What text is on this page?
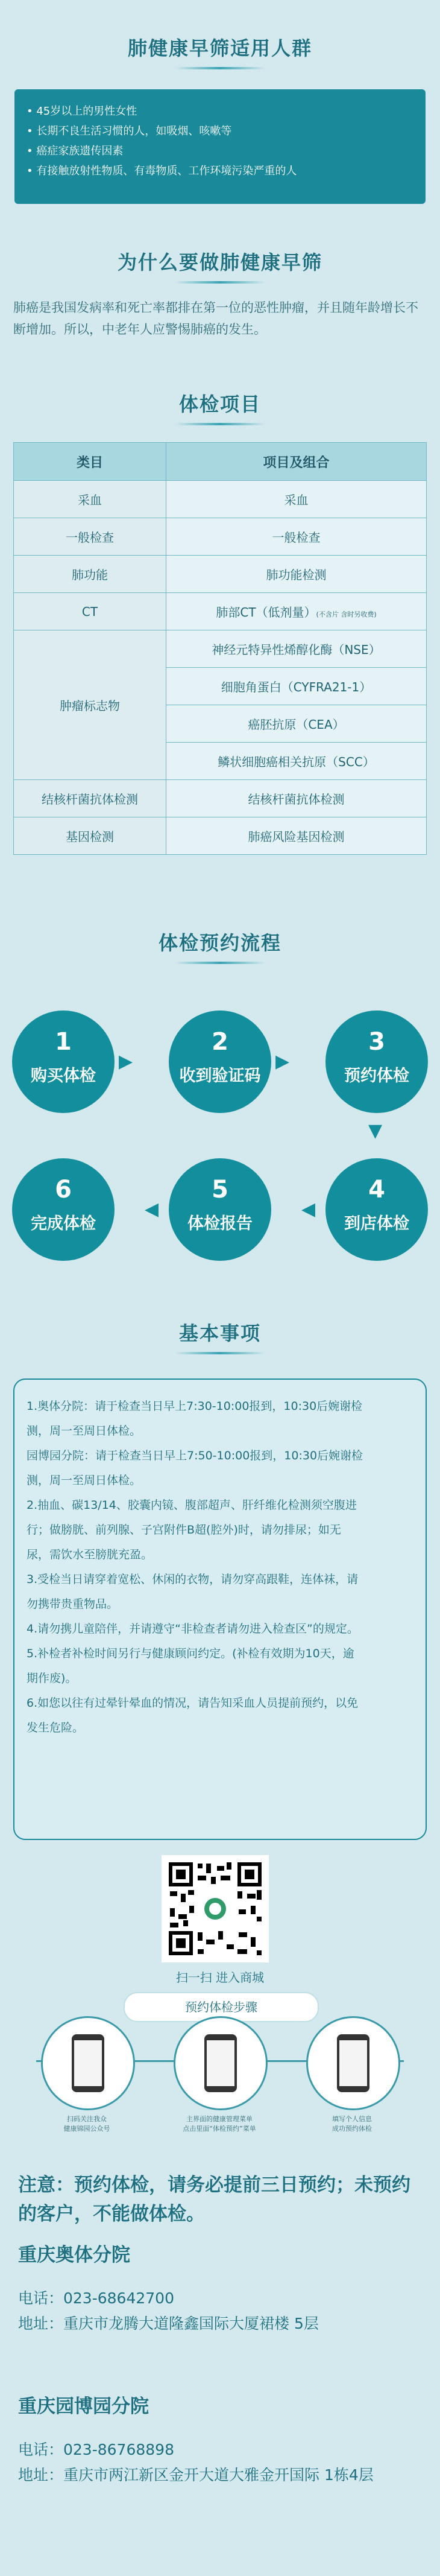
肺健康早筛适用人群
• 45岁以上的男性女性
• 长期不良生活习惯的人，如吸烟、咳嗽等
• 癌症家族遗传因素
• 有接触放射性物质、有毒物质、工作环境污染严重的人
为什么要做肺健康早筛
肺癌是我国发病率和死亡率都排在第一位的恶性肿瘤，并且随年龄增长不断增加。所以，中老年人应警惕肺癌的发生。
体检项目
类目	项目及组合
采血	采血
一般检查	一般检查
肺功能	肺功能检测
CT	肺部CT（低剂量）(不含片 含时另收费)
肿瘤标志物	神经元特异性烯醇化酶（NSE）
	细胞角蛋白（CYFRA21-1）
	癌胚抗原（CEA）
	鳞状细胞癌相关抗原（SCC）
结核杆菌抗体检测	结核杆菌抗体检测
基因检测	肺癌风险基因检测
体检预约流程
1
购买体检
▶
2
收到验证码
▶
3
预约体检
▼
4
到店体检
◀
5
体检报告
◀
6
完成体检
基本事项

1.奥体分院：请于检查当日早上7:30-10:00报到，10:30后婉谢检

测，周一至周日体检。

园博园分院：请于检查当日早上7:50-10:00报到，10:30后婉谢检

测，周一至周日体检。

2.抽血、碳13/14、胶囊内镜、腹部超声、肝纤维化检测须空腹进

行；做膀胱、前列腺、子宫附件B超(腔外)时，请勿排尿；如无

尿，需饮水至膀胱充盈。

3.受检当日请穿着宽松、休闲的衣物，请勿穿高跟鞋，连体袜，请

勿携带贵重物品。

4.请勿携儿童陪伴，并请遵守“非检查者请勿进入检查区”的规定。

5.补检者补检时间另行与健康顾问约定。(补检有效期为10天，逾

期作废)。

6.如您以往有过晕针晕血的情况，请告知采血人员提前预约，以免

发生危险。

扫一扫 进入商城
预约体检步骤
扫码关注我众
健康锦园公众号
主界面的健康管理菜单
点击里面“体检预约”菜单
填写个人信息
成功预约体检
注意：预约体检，请务必提前三日预约；未预约的客户，不能做体检。
重庆奥体分院
电话：023-68642700
地址：重庆市龙腾大道隆鑫国际大厦裙楼 5层
重庆园博园分院
电话：023-86768898
地址：重庆市两江新区金开大道大雅金开国际 1栋4层
